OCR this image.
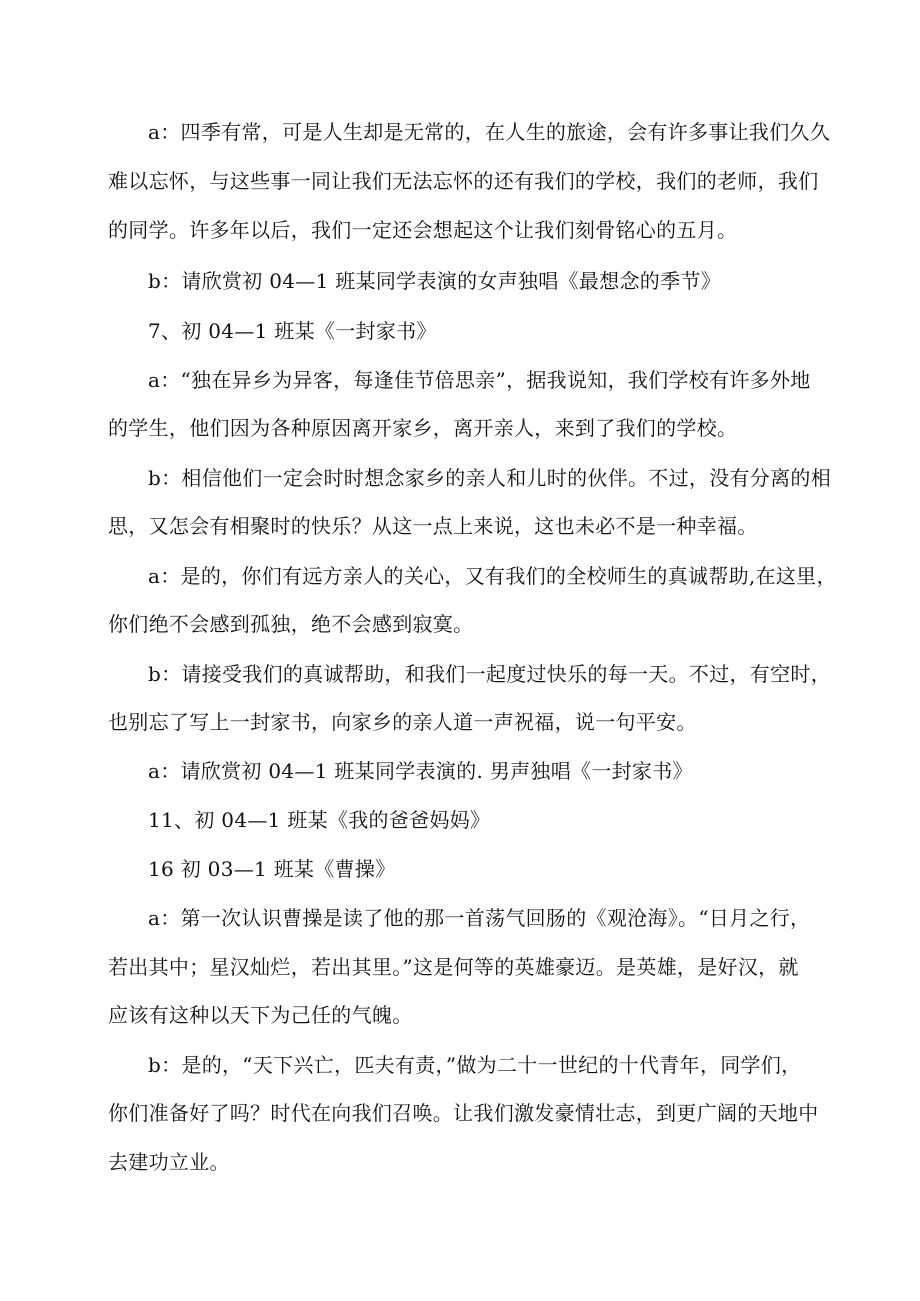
a：四季有常，可是人生却是无常的，在人生的旅途，会有许多事让我们久久
难以忘怀，与这些事一同让我们无法忘怀的还有我们的学校，我们的老师，我们
的同学。许多年以后，我们一定还会想起这个让我们刻骨铭心的五月。
b：请欣赏初 04—1 班某同学表演的女声独唱《最想念的季节》
7、初 04—1 班某《一封家书》
a：“独在异乡为异客，每逢佳节倍思亲”，据我说知，我们学校有许多外地
的学生，他们因为各种原因离开家乡，离开亲人，来到了我们的学校。
b：相信他们一定会时时想念家乡的亲人和儿时的伙伴。不过，没有分离的相
思，又怎会有相聚时的快乐？从这一点上来说，这也未必不是一种幸福。
a：是的，你们有远方亲人的关心，又有我们的全校师生的真诚帮助,在这里，
你们绝不会感到孤独，绝不会感到寂寞。
b：请接受我们的真诚帮助，和我们一起度过快乐的每一天。不过，有空时，
也别忘了写上一封家书，向家乡的亲人道一声祝福，说一句平安。
a：请欣赏初 04—1 班某同学表演的. 男声独唱《一封家书》
11、初 04—1 班某《我的爸爸妈妈》
16 初 03—1 班某《曹操》
a：第一次认识曹操是读了他的那一首荡气回肠的《观沧海》。“日月之行，
若出其中；星汉灿烂，若出其里。”这是何等的英雄豪迈。是英雄，是好汉，就
应该有这种以天下为己任的气魄。
b：是的，“天下兴亡，匹夫有责，”做为二十一世纪的十代青年，同学们，
你们准备好了吗？时代在向我们召唤。让我们激发豪情壮志，到更广阔的天地中
去建功立业。
